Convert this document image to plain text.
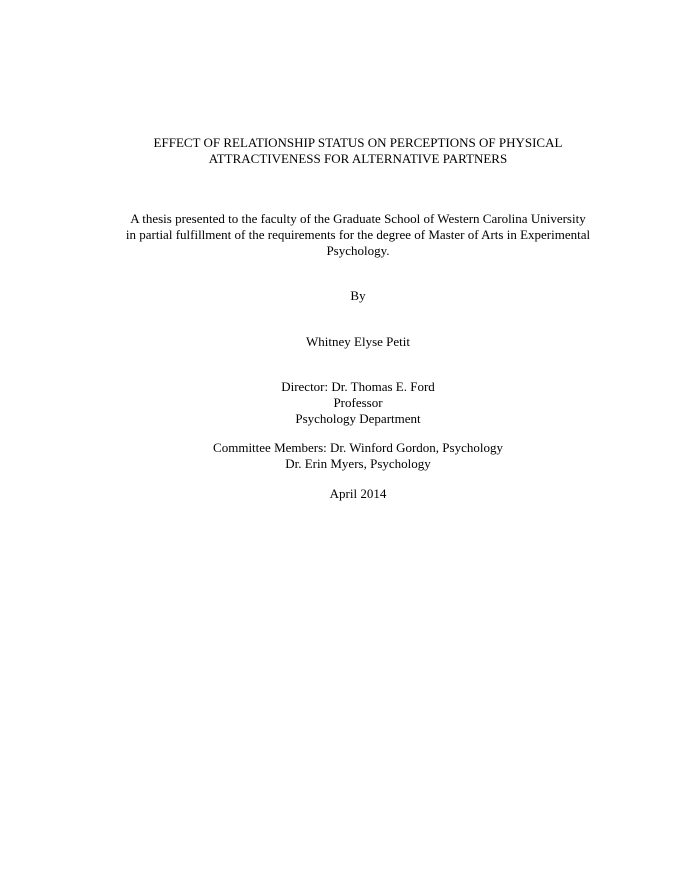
EFFECT OF RELATIONSHIP STATUS ON PERCEPTIONS OF PHYSICAL
ATTRACTIVENESS FOR ALTERNATIVE PARTNERS
A thesis presented to the faculty of the Graduate School of Western Carolina University
in partial fulfillment of the requirements for the degree of Master of Arts in Experimental
Psychology.
By
Whitney Elyse Petit
Director: Dr. Thomas E. Ford
Professor
Psychology Department
Committee Members: Dr. Winford Gordon, Psychology
Dr. Erin Myers, Psychology
April 2014
